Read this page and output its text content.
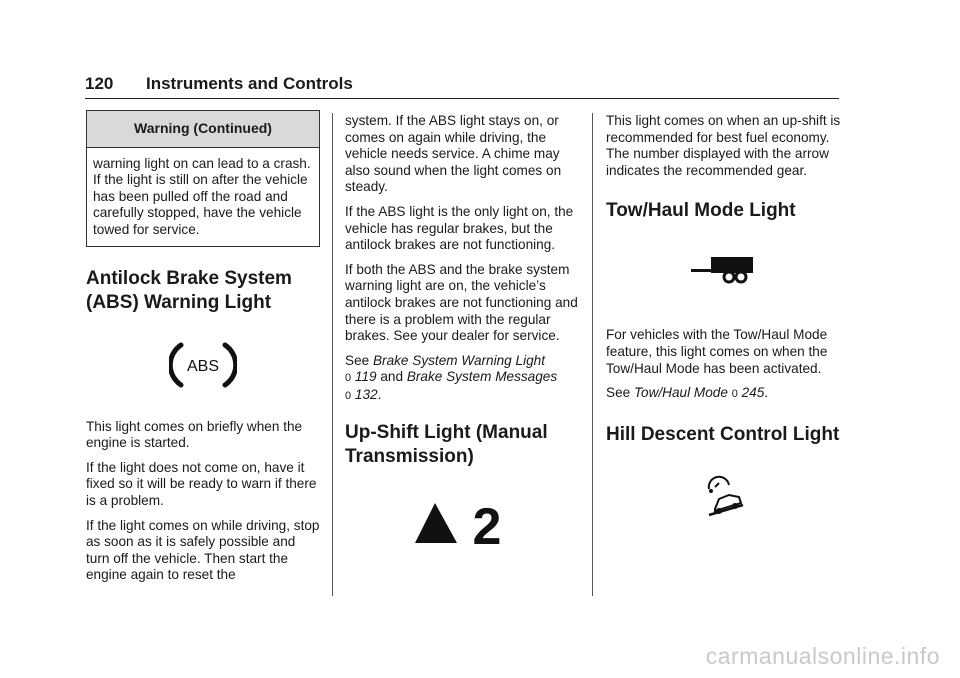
120 Instruments and Controls
Warning (Continued)
warning light on can lead to a crash. If the light is still on after the vehicle has been pulled off the road and carefully stopped, have the vehicle towed for service.
Antilock Brake System
(ABS) Warning Light
ABS

This light comes on briefly when the engine is started.

If the light does not come on, have it fixed so it will be ready to warn if there is a problem.

If the light comes on while driving, stop as soon as it is safely possible and turn off the vehicle. Then start the engine again to reset the

system. If the ABS light stays on, or comes on again while driving, the vehicle needs service. A chime may also sound when the light comes on steady.

If the ABS light is the only light on, the vehicle has regular brakes, but the antilock brakes are not functioning.

If both the ABS and the brake system warning light are on, the vehicle’s antilock brakes are not functioning and there is a problem with the regular brakes. See your dealer for service.

See Brake System Warning Light
0 119 and Brake System Messages
0 132.

Up-Shift Light (Manual
Transmission)
2

This light comes on when an up-shift is recommended for best fuel economy. The number displayed with the arrow indicates the recommended gear.

Tow/Haul Mode Light

For vehicles with the Tow/Haul Mode feature, this light comes on when the Tow/Haul Mode has been activated.

See Tow/Haul Mode 0 245.

Hill Descent Control Light
carmanualsonline.info
